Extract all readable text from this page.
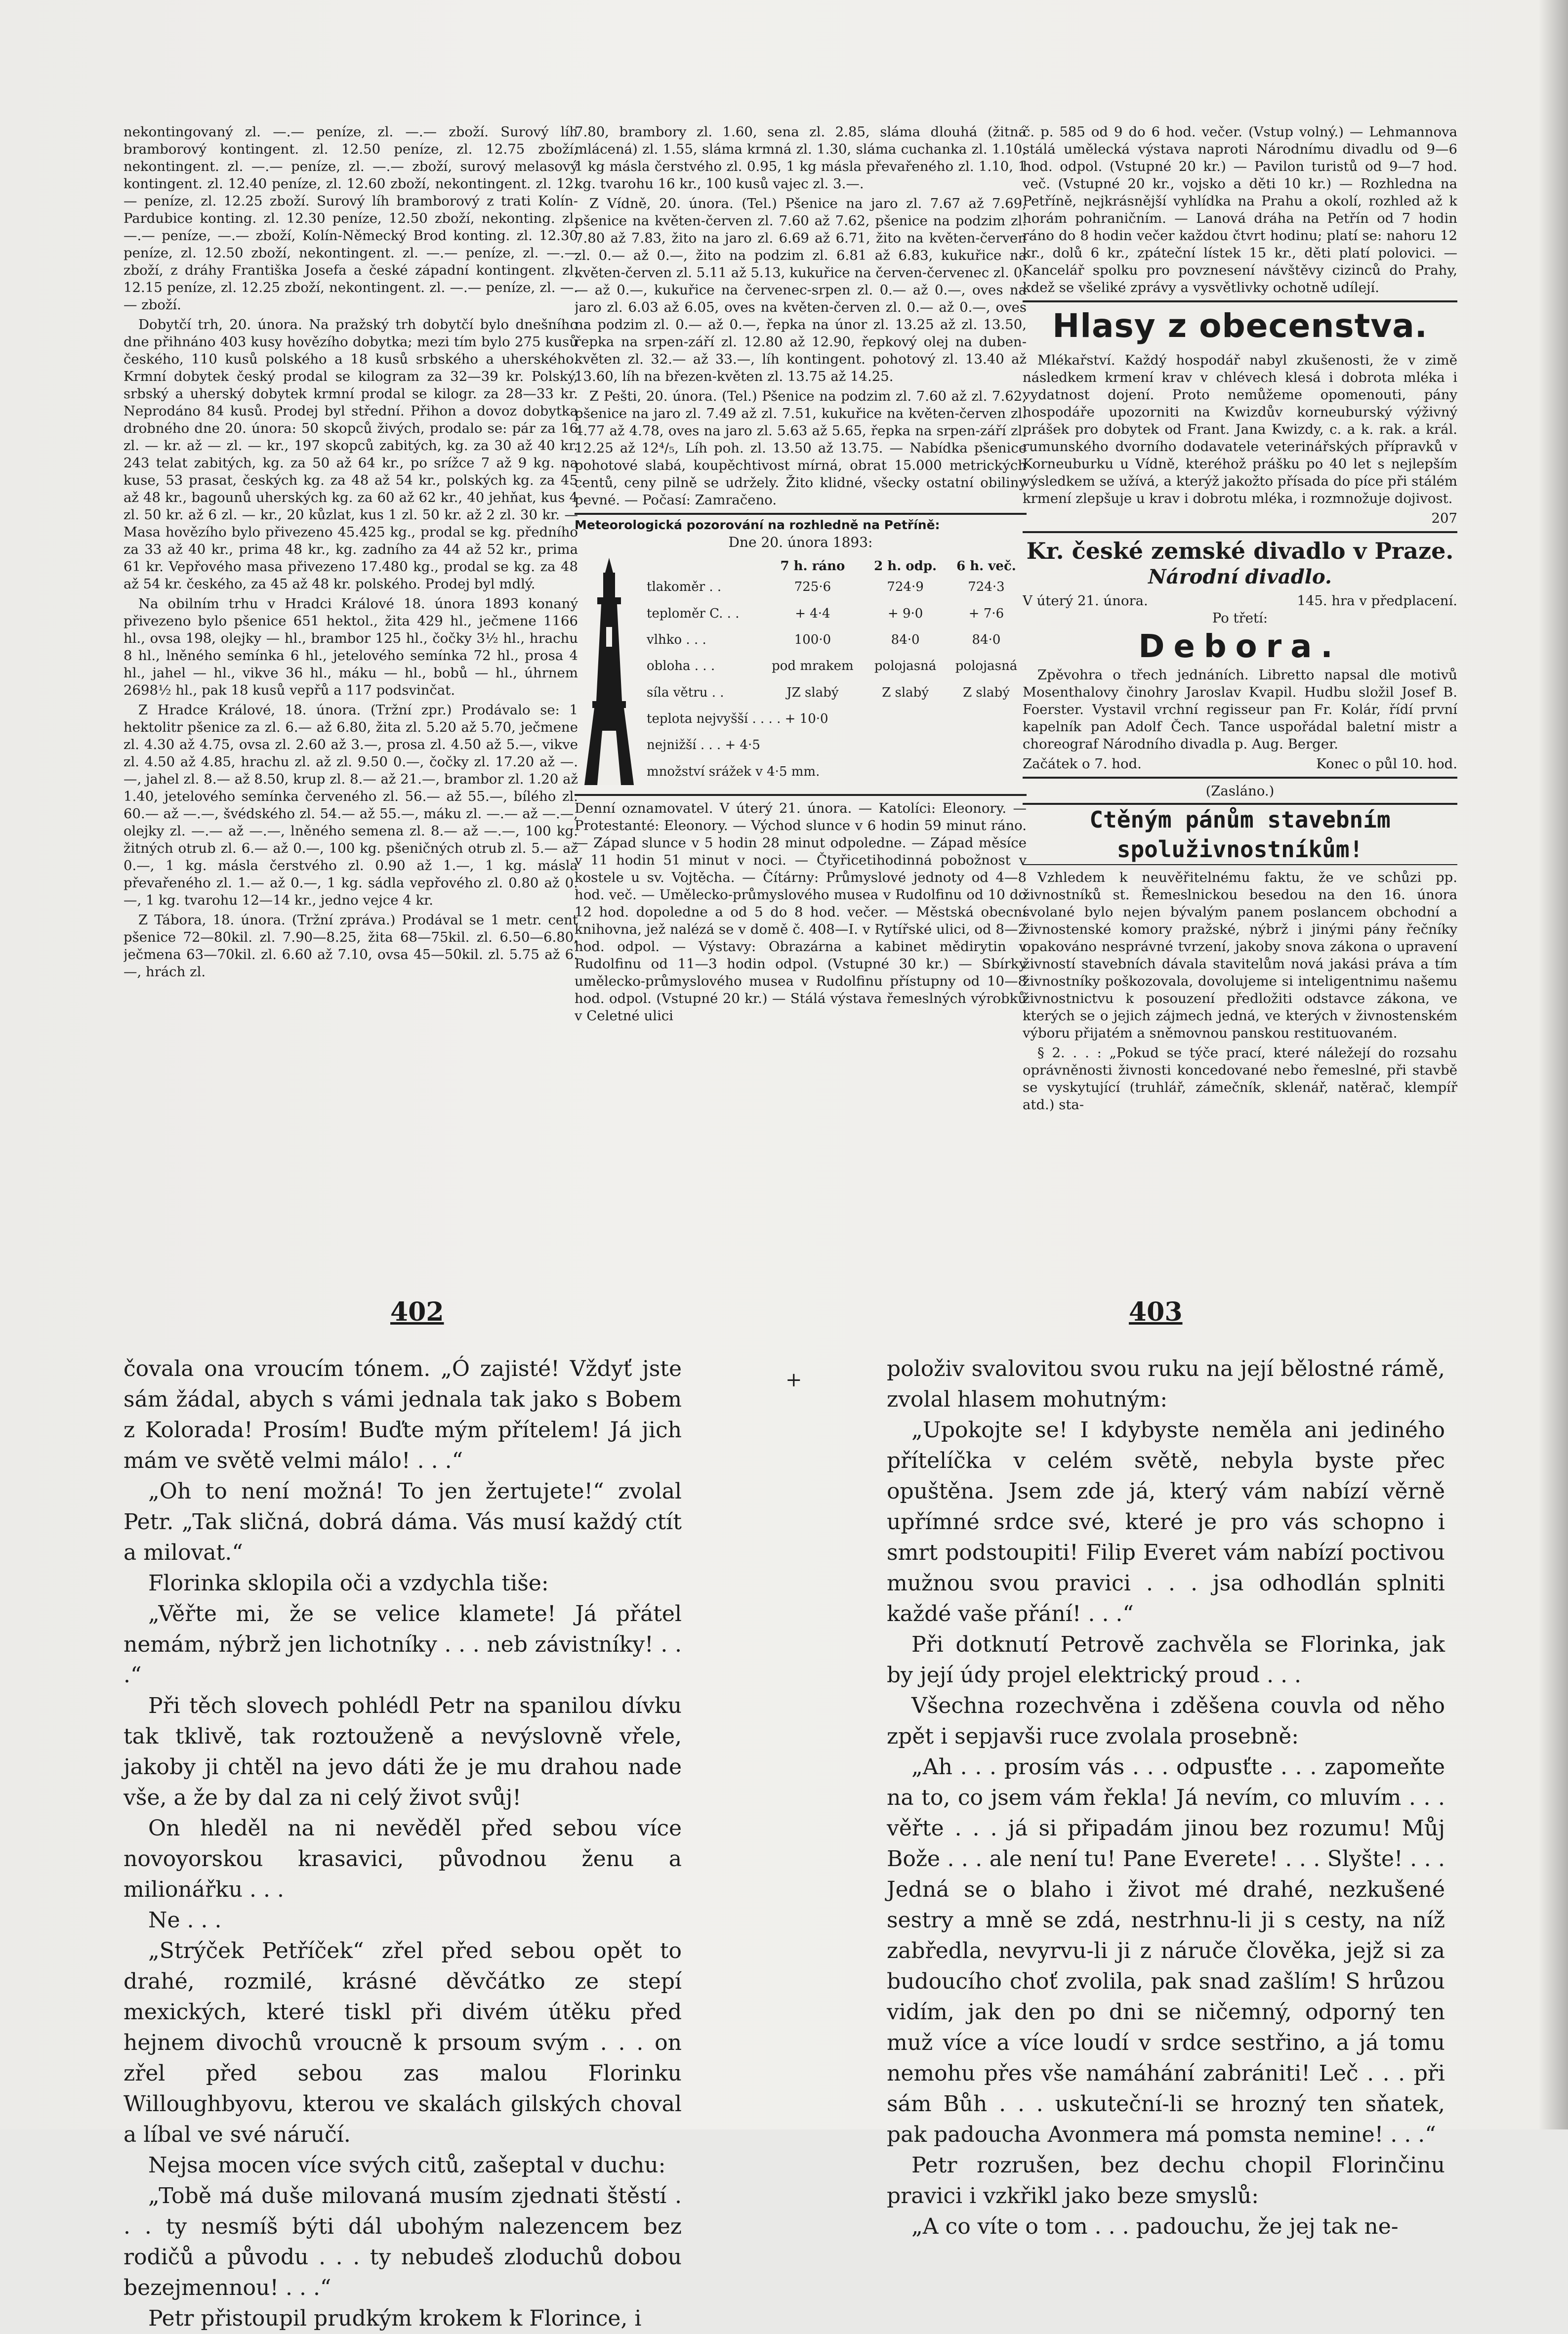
nekontingovaný zl. —.— peníze, zl. —.— zboží. Surový líh bramborový kontingent. zl. 12.50 peníze, zl. 12.75 zboží, nekontingent. zl. —.— peníze, zl. —.— zboží, surový melasový kontingent. zl. 12.40 peníze, zl. 12.60 zboží, nekontingent. zl. 12.— peníze, zl. 12.25 zboží. Surový líh bramborový z trati Kolín-Pardubice konting. zl. 12.30 peníze, 12.50 zboží, nekonting. zl. —.— peníze, —.— zboží, Kolín-Německý Brod konting. zl. 12.30 peníze, zl. 12.50 zboží, nekontingent. zl. —.— peníze, zl. —.— zboží, z dráhy Františka Josefa a české západní kontingent. zl. 12.15 peníze, zl. 12.25 zboží, nekontingent. zl. —.— peníze, zl. —.— zboží.

Dobytčí trh, 20. února. Na pražský trh dobytčí bylo dnešního dne přihnáno 403 kusy hovězího dobytka; mezi tím bylo 275 kusů českého, 110 kusů polského a 18 kusů srbského a uherského. Krmní dobytek český prodal se kilogram za 32—39 kr. Polský, srbský a uherský dobytek krmní prodal se kilogr. za 28—33 kr. Neprodáno 84 kusů. Prodej byl střední. Přihon a dovoz dobytka drobného dne 20. února: 50 skopců živých, prodalo se: pár za 16 zl. — kr. až — zl. — kr., 197 skopců zabitých, kg. za 30 až 40 kr. 243 telat zabitých, kg. za 50 až 64 kr., po srížce 7 až 9 kg. na kuse, 53 prasat, českých kg. za 48 až 54 kr., polských kg. za 45 až 48 kr., bagounů uherských kg. za 60 až 62 kr., 40 jehňat, kus 4 zl. 50 kr. až 6 zl. — kr., 20 kůzlat, kus 1 zl. 50 kr. až 2 zl. 30 kr. — Masa hovězího bylo přivezeno 45.425 kg., prodal se kg. předního za 33 až 40 kr., prima 48 kr., kg. zadního za 44 až 52 kr., prima 61 kr. Vepřového masa přivezeno 17.480 kg., prodal se kg. za 48 až 54 kr. českého, za 45 až 48 kr. polského. Prodej byl mdlý.

Na obilním trhu v Hradci Králové 18. února 1893 konaný přivezeno bylo pšenice 651 hektol., žita 429 hl., ječmene 1166 hl., ovsa 198, olejky — hl., brambor 125 hl., čočky 3½ hl., hrachu 8 hl., lněného semínka 6 hl., jetelového semínka 72 hl., prosa 4 hl., jahel — hl., vikve 36 hl., máku — hl., bobů — hl., úhrnem 2698½ hl., pak 18 kusů vepřů a 117 podsvinčat.

Z Hradce Králové, 18. února. (Tržní zpr.) Prodávalo se: 1 hektolitr pšenice za zl. 6.— až 6.80, žita zl. 5.20 až 5.70, ječmene zl. 4.30 až 4.75, ovsa zl. 2.60 až 3.—, prosa zl. 4.50 až 5.—, vikve zl. 4.50 až 4.85, hrachu zl. až zl. 9.50 0.—, čočky zl. 17.20 až —.—, jahel zl. 8.— až 8.50, krup zl. 8.— až 21.—, brambor zl. 1.20 až 1.40, jetelového semínka červeného zl. 56.— až 55.—, bílého zl. 60.— až —.—, švédského zl. 54.— až 55.—, máku zl. —.— až —.—, olejky zl. —.— až —.—, lněného semena zl. 8.— až —.—, 100 kg. žitných otrub zl. 6.— až 0.—, 100 kg. pšeničných otrub zl. 5.— až 0.—, 1 kg. másla čerstvého zl. 0.90 až 1.—, 1 kg. másla převařeného zl. 1.— až 0.—, 1 kg. sádla vepřového zl. 0.80 až 0.—, 1 kg. tvarohu 12—14 kr., jedno vejce 4 kr.

Z Tábora, 18. února. (Tržní zpráva.) Prodával se 1 metr. cent pšenice 72—80kil. zl. 7.90—8.25, žita 68—75kil. zl. 6.50—6.80, ječmena 63—70kil. zl. 6.60 až 7.10, ovsa 45—50kil. zl. 5.75 až 6.—, hrách zl.

7.80, brambory zl. 1.60, sena zl. 2.85, sláma dlouhá (žitná mlácená) zl. 1.55, sláma krmná zl. 1.30, sláma cuchanka zl. 1.10, 1 kg másla čerstvého zl. 0.95, 1 kg másla převařeného zl. 1.10, 1 kg. tvarohu 16 kr., 100 kusů vajec zl. 3.—.

Z Vídně, 20. února. (Tel.) Pšenice na jaro zl. 7.67 až 7.69, pšenice na květen-červen zl. 7.60 až 7.62, pšenice na podzim zl. 7.80 až 7.83, žito na jaro zl. 6.69 až 6.71, žito na květen-červen zl. 0.— až 0.—, žito na podzim zl. 6.81 až 6.83, kukuřice na květen-červen zl. 5.11 až 5.13, kukuřice na červen-červenec zl. 0.— až 0.—, kukuřice na červenec-srpen zl. 0.— až 0.—, oves na jaro zl. 6.03 až 6.05, oves na květen-červen zl. 0.— až 0.—, oves na podzim zl. 0.— až 0.—, řepka na únor zl. 13.25 až zl. 13.50, řepka na srpen-září zl. 12.80 až 12.90, řepkový olej na duben-květen zl. 32.— až 33.—, líh kontingent. pohotový zl. 13.40 až 13.60, líh na březen-květen zl. 13.75 až 14.25.

Z Pešti, 20. února. (Tel.) Pšenice na podzim zl. 7.60 až zl. 7.62, pšenice na jaro zl. 7.49 až zl. 7.51, kukuřice na květen-červen zl. 4.77 až 4.78, oves na jaro zl. 5.63 až 5.65, řepka na srpen-září zl. 12.25 až 12⁴/₅, Líh poh. zl. 13.50 až 13.75. — Nabídka pšenice pohotové slabá, koupěchtivost mírná, obrat 15.000 metrických centů, ceny pilně se udržely. Žito klidné, všecky ostatní obiliny pevné. — Počasí: Zamračeno.

Meteorologická pozorování na rozhledně na Petříně:
Dne 20. února 1893:
	7 h. ráno	2 h. odp.	6 h. več.
tlakoměr . .	725·6	724·9	724·3
teploměr C. . .	+ 4·4	+ 9·0	+ 7·6
vlhko . . .	100·0	84·0	84·0
obloha . . .	pod mrakem	polojasná	polojasná
síla větru . .	JZ slabý	Z slabý	Z slabý
teplota nejvyšší . . . . + 10·0			
nejnižší . . . + 4·5			
množství srážek v 4·5 mm.			

Denní oznamovatel. V úterý 21. února. — Katolíci: Eleonory. — Protestanté: Eleonory. — Východ slunce v 6 hodin 59 minut ráno. — Západ slunce v 5 hodin 28 minut odpoledne. — Západ měsíce v 11 hodin 51 minut v noci. — Čtyřicetihodinná pobožnost v kostele u sv. Vojtěcha. — Čítárny: Průmyslové jednoty od 4—8 hod. več. — Umělecko-průmyslového musea v Rudolfinu od 10 do 12 hod. dopoledne a od 5 do 8 hod. večer. — Městská obecní knihovna, jež nalézá se v domě č. 408—I. v Rytířské ulici, od 8—2 hod. odpol. — Výstavy: Obrazárna a kabinet mědirytin v Rudolfinu od 11—3 hodin odpol. (Vstupné 30 kr.) — Sbírky umělecko-průmyslového musea v Rudolfinu přístupny od 10—8 hod. odpol. (Vstupné 20 kr.) — Stálá výstava řemeslných výrobků v Celetné ulici

č. p. 585 od 9 do 6 hod. večer. (Vstup volný.) — Lehmannova stálá umělecká výstava naproti Národnímu divadlu od 9—6 hod. odpol. (Vstupné 20 kr.) — Pavilon turistů od 9—7 hod. več. (Vstupné 20 kr., vojsko a děti 10 kr.) — Rozhledna na Petříně, nejkrásnější vyhlídka na Prahu a okolí, rozhled až k horám pohraničním. — Lanová dráha na Petřín od 7 hodin ráno do 8 hodin večer každou čtvrt hodinu; platí se: nahoru 12 kr., dolů 6 kr., zpáteční lístek 15 kr., děti platí polovici. — Kancelář spolku pro povznesení návštěvy cizinců do Prahy, kdež se všeliké zprávy a vysvětlivky ochotně udílejí.

Hlasy z obecenstva.

Mlékařství. Každý hospodář nabyl zkušenosti, že v zimě následkem krmení krav v chlévech klesá i dobrota mléka i vydatnost dojení. Proto nemůžeme opomenouti, pány hospodáře upozorniti na Kwizdův korneuburský výživný prášek pro dobytek od Frant. Jana Kwizdy, c. a k. rak. a král. rumunského dvorního dodavatele veterinářských přípravků v Korneuburku u Vídně, kteréhož prášku po 40 let s nejlepším výsledkem se užívá, a kterýž jakožto přísada do píce při stálém krmení zlepšuje u krav i dobrotu mléka, i rozmnožuje dojivost.

207
Kr. české zemské divadlo v Praze.
Národní divadlo.
V úterý 21. února.	145. hra v předplacení.
Po třetí:
Debora.

Zpěvohra o třech jednáních. Libretto napsal dle motivů Mosenthalovy činohry Jaroslav Kvapil. Hudbu složil Josef B. Foerster. Vystavil vrchní regisseur pan Fr. Kolár, řídí první kapelník pan Adolf Čech. Tance uspořádal baletní mistr a choreograf Národního divadla p. Aug. Berger.

Začátek o 7. hod.	Konec o půl 10. hod.
(Zasláno.)
Ctěným pánům stavebním spoluživnostníkům!

Vzhledem k neuvěřitelnému faktu, že ve schůzi pp. živnostníků st. Řemeslnickou besedou na den 16. února svolané bylo nejen bývalým panem poslancem obchodní a živnostenské komory pražské, nýbrž i jinými pány řečníky opakováno nesprávné tvrzení, jakoby snova zákona o upravení živností stavebních dávala stavitelům nová jakási práva a tím živnostníky poškozovala, dovolujeme si inteligentnimu našemu živnostnictvu k posouzení předložiti odstavce zákona, ve kterých se o jejich zájmech jedná, ve kterých v živnostenském výboru přijatém a sněmovnou panskou restituovaném.

§ 2. . . : „Pokud se týče prací, které náležejí do rozsahu oprávněnosti živnosti koncedované nebo řemeslné, při stavbě se vyskytující (truhlář, zámečník, sklenář, natěrač, klempíř atd.) sta-

402	403
+

čovala ona vroucím tónem. „Ó zajisté! Vždyť jste sám žádal, abych s vámi jednala tak jako s Bobem z Kolorada! Prosím! Buďte mým přítelem! Já jich mám ve světě velmi málo! . . .“

„Oh to není možná! To jen žertujete!“ zvolal Petr. „Tak sličná, dobrá dáma. Vás musí každý ctít a milovat.“

Florinka sklopila oči a vzdychla tiše:

„Věřte mi, že se velice klamete! Já přátel nemám, nýbrž jen lichotníky . . . neb závistníky! . . .“

Při těch slovech pohlédl Petr na spanilou dívku tak tklivě, tak roztouženě a nevýslovně vřele, jakoby ji chtěl na jevo dáti že je mu drahou nade vše, a že by dal za ni celý život svůj!

On hleděl na ni nevěděl před sebou více novoyorskou krasavici, původnou ženu a milionářku . . .

Ne . . .

„Strýček Petříček“ zřel před sebou opět to drahé, rozmilé, krásné děvčátko ze stepí mexických, které tiskl při divém útěku před hejnem divochů vroucně k prsoum svým . . . on zřel před sebou zas malou Florinku Willoughbyovu, kterou ve skalách gilských choval a líbal ve své náručí.

Nejsa mocen více svých citů, zašeptal v duchu:

„Tobě má duše milovaná musím zjednati štěstí . . . ty nesmíš býti dál ubohým nalezencem bez rodičů a původu . . . ty nebudeš zloduchů dobou bezejmennou! . . .“

Petr přistoupil prudkým krokem k Florince, i

položiv svalovitou svou ruku na její bělostné rámě, zvolal hlasem mohutným:

„Upokojte se! I kdybyste neměla ani jediného přítelíčka v celém světě, nebyla byste přec opuštěna. Jsem zde já, který vám nabízí věrně upřímné srdce své, které je pro vás schopno i smrt podstoupiti! Filip Everet vám nabízí poctivou mužnou svou pravici . . . jsa odhodlán splniti každé vaše přání! . . .“

Při dotknutí Petrově zachvěla se Florinka, jak by její údy projel elektrický proud . . .

Všechna rozechvěna i zděšena couvla od něho zpět i sepjavši ruce zvolala prosebně:

„Ah . . . prosím vás . . . odpusťte . . . zapomeňte na to, co jsem vám řekla! Já nevím, co mluvím . . . věřte . . . já si připadám jinou bez rozumu! Můj Bože . . . ale není tu! Pane Everete! . . . Slyšte! . . . Jedná se o blaho i život mé drahé, nezkušené sestry a mně se zdá, nestrhnu-li ji s cesty, na níž zabředla, nevyrvu-li ji z náruče člověka, jejž si za budoucího choť zvolila, pak snad zašlím! S hrůzou vidím, jak den po dni se ničemný, odporný ten muž více a více loudí v srdce sestřino, a já tomu nemohu přes vše namáhání zabrániti! Leč . . . při sám Bůh . . . uskuteční-li se hrozný ten sňatek, pak padoucha Avonmera má pomsta nemine! . . .“

Petr rozrušen, bez dechu chopil Florinčinu pravici i vzkřikl jako beze smyslů:

„A co víte o tom . . . padouchu, že jej tak ne-
